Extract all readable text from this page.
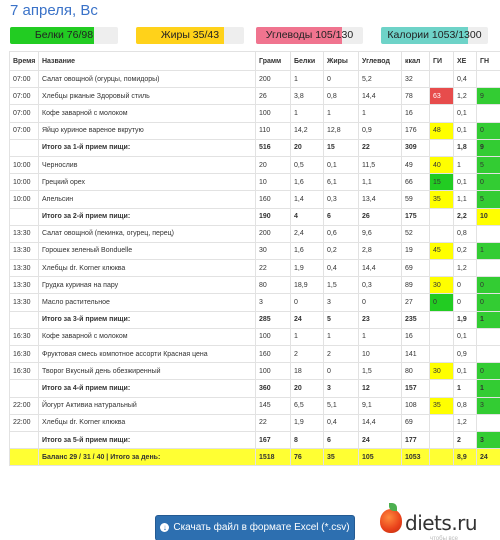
7 апреля, Вс
Белки 76/98	Жиры 35/43	Углеводы 105/130	Калории 1053/1300
Время	Название	Грамм	Белки	Жиры	Углевод	ккал	ГИ	ХЕ	ГН
07:00	Салат овощной (огурцы, помидоры)	200	1	0	5,2	32		0,4	
07:00	Хлебцы ржаные Здоровый стиль	26	3,8	0,8	14,4	78	63	1,2	9
07:00	Кофе заварной с молоком	100	1	1	1	16		0,1	
07:00	Яйцо куриное вареное вкрутую	110	14,2	12,8	0,9	176	48	0,1	0
	Итого за 1-й прием пищи:	516	20	15	22	309		1,8	9
10:00	Чернослив	20	0,5	0,1	11,5	49	40	1	5
10:00	Грецкий орех	10	1,6	6,1	1,1	66	15	0,1	0
10:00	Апельсин	160	1,4	0,3	13,4	59	35	1,1	5
	Итого за 2-й прием пищи:	190	4	6	26	175		2,2	10
13:30	Салат овощной (пекинка, огурец, перец)	200	2,4	0,6	9,6	52		0,8	
13:30	Горошек зеленый Bonduelle	30	1,6	0,2	2,8	19	45	0,2	1
13:30	Хлебцы dr. Korner клюква	22	1,9	0,4	14,4	69		1,2	
13:30	Грудка куриная на пару	80	18,9	1,5	0,3	89	30	0	0
13:30	Масло растительное	3	0	3	0	27	0	0	0
	Итого за 3-й прием пищи:	285	24	5	23	235		1,9	1
16:30	Кофе заварной с молоком	100	1	1	1	16		0,1	
16:30	Фруктовая смесь компотное ассорти Красная цена	160	2	2	10	141		0,9	
16:30	Творог Вкусный день обезжиренный	100	18	0	1,5	80	30	0,1	0
	Итого за 4-й прием пищи:	360	20	3	12	157		1	1
22:00	Йогурт Активиа натуральный	145	6,5	5,1	9,1	108	35	0,8	3
22:00	Хлебцы dr. Korner клюква	22	1,9	0,4	14,4	69		1,2	
	Итого за 5-й прием пищи:	167	8	6	24	177		2	3
	Баланс 29 / 31 / 40 | Итого за день:	1518	76	35	105	1053		8,9	24
↓ Скачать файл в формате Excel (*.csv)	diets.ru
чтобы все
